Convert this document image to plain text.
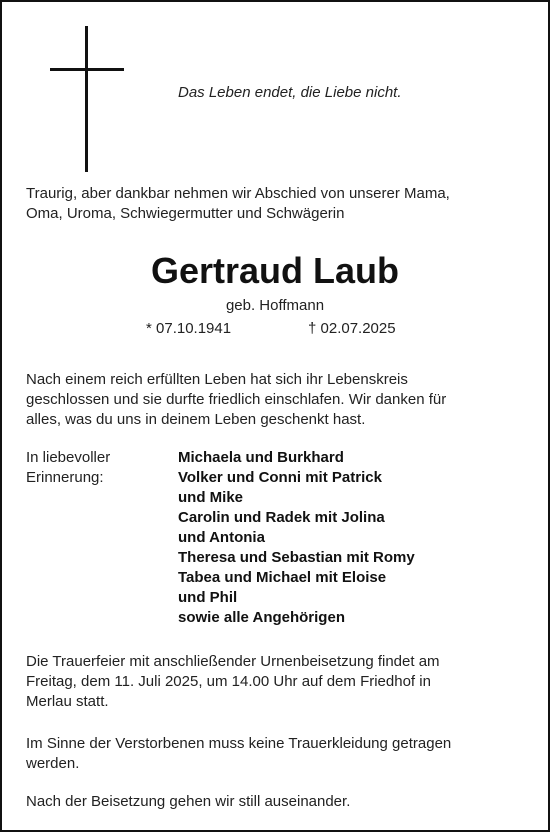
Das Leben endet, die Liebe nicht.
Traurig, aber dankbar nehmen wir Abschied von unserer Mama,
Oma, Uroma, Schwiegermutter und Schwägerin
Gertraud Laub
geb. Hoffmann
* 07.10.1941	† 02.07.2025
Nach einem reich erfüllten Leben hat sich ihr Lebenskreis
geschlossen und sie durfte friedlich einschlafen. Wir danken für
alles, was du uns in deinem Leben geschenkt hast.
In liebevoller
Erinnerung:
Michaela und Burkhard
Volker und Conni mit Patrick
und Mike
Carolin und Radek mit Jolina
und Antonia
Theresa und Sebastian mit Romy
Tabea und Michael mit Eloise
und Phil
sowie alle Angehörigen
Die Trauerfeier mit anschließender Urnenbeisetzung findet am
Freitag, dem 11. Juli 2025, um 14.00 Uhr auf dem Friedhof in
Merlau statt.
Im Sinne der Verstorbenen muss keine Trauerkleidung getragen
werden.
Nach der Beisetzung gehen wir still auseinander.
